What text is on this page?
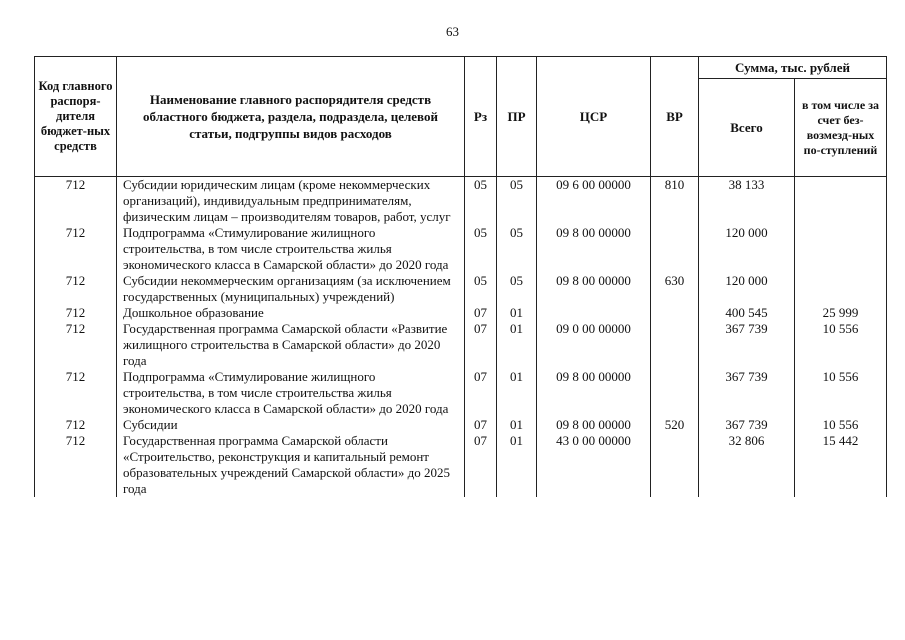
63
Код главного распоря-дителя бюджет-ных средств	Наименование главного распорядителя средств областного бюджета, раздела, подраздела, целевой статьи, подгруппы видов расходов	Рз	ПР	ЦСР	ВР	Сумма, тыс. рублей	
						Всего	в том числе за счет без-возмезд-ных по-ступлений
712	Субсидии юридическим лицам (кроме некоммерческих организаций), индивидуальным предпринимателям, физическим лицам – производителям товаров, работ, услуг	05	05	09 6 00 00000	810	38 133	
712	Подпрограмма «Стимулирование жилищного строительства, в том числе строительства жилья экономического класса в Самарской области» до 2020 года	05	05	09 8 00 00000		120 000	
712	Субсидии некоммерческим организациям (за исключением государственных (муниципальных) учреждений)	05	05	09 8 00 00000	630	120 000	
712	Дошкольное образование	07	01			400 545	25 999
712	Государственная программа Самарской области «Развитие жилищного строительства в Самарской области» до 2020 года	07	01	09 0 00 00000		367 739	10 556
712	Подпрограмма «Стимулирование жилищного строительства, в том числе строительства жилья экономического класса в Самарской области» до 2020 года	07	01	09 8 00 00000		367 739	10 556
712	Субсидии	07	01	09 8 00 00000	520	367 739	10 556
712	Государственная программа Самарской области «Строительство, реконструкция и капитальный ремонт образовательных учреждений Самарской области» до 2025 года	07	01	43 0 00 00000		32 806	15 442
